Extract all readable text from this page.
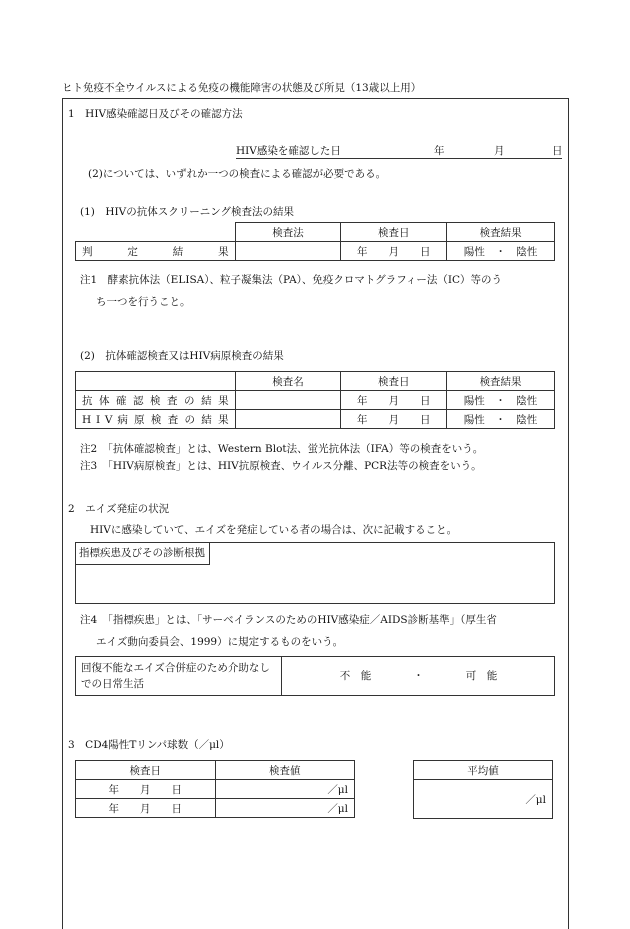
ヒト免疫不全ウイルスによる免疫の機能障害の状態及び所見（13歳以上用）
1　HIV感染確認日及びその確認方法
HIV感染を確認した日	年	月	日
(2)については、いずれか一つの検査による確認が必要である。
(1)　HIVの抗体スクリーニング検査法の結果
	検査法	検査日	検査結果
判　　定　　結　　果		年　　月　　日	陽性　・　陰性
注1　酵素抗体法（ELISA）、粒子凝集法（PA）、免疫クロマトグラフィー法（IC）等のう
ち一つを行うこと。
(2)　抗体確認検査又はHIV病原検査の結果
	検査名	検査日	検査結果
抗 体 確 認 検 査 の 結 果		年　　月　　日	陽性　・　陰性
H I V 病 原 検 査 の 結 果		年　　月　　日	陽性　・　陰性
注2　「抗体確認検査」とは、Western Blot法、蛍光抗体法（IFA）等の検査をいう。
注3　「HIV病原検査」とは、HIV抗原検査、ウイルス分離、PCR法等の検査をいう。
2　エイズ発症の状況
HIVに感染していて、エイズを発症している者の場合は、次に記載すること。
指標疾患及びその診断根拠
注4　「指標疾患」とは、「サーベイランスのためのHIV感染症／AIDS診断基準」（厚生省
エイズ動向委員会、1999）に規定するものをいう。
回復不能なエイズ合併症のため介助なしでの日常生活
不　能　　　　・　　　　可　能
3　CD4陽性Tリンパ球数（／μl）
検査日	検査値
年　　月　　日	／μl
年　　月　　日	／μl
平均値
／μl
